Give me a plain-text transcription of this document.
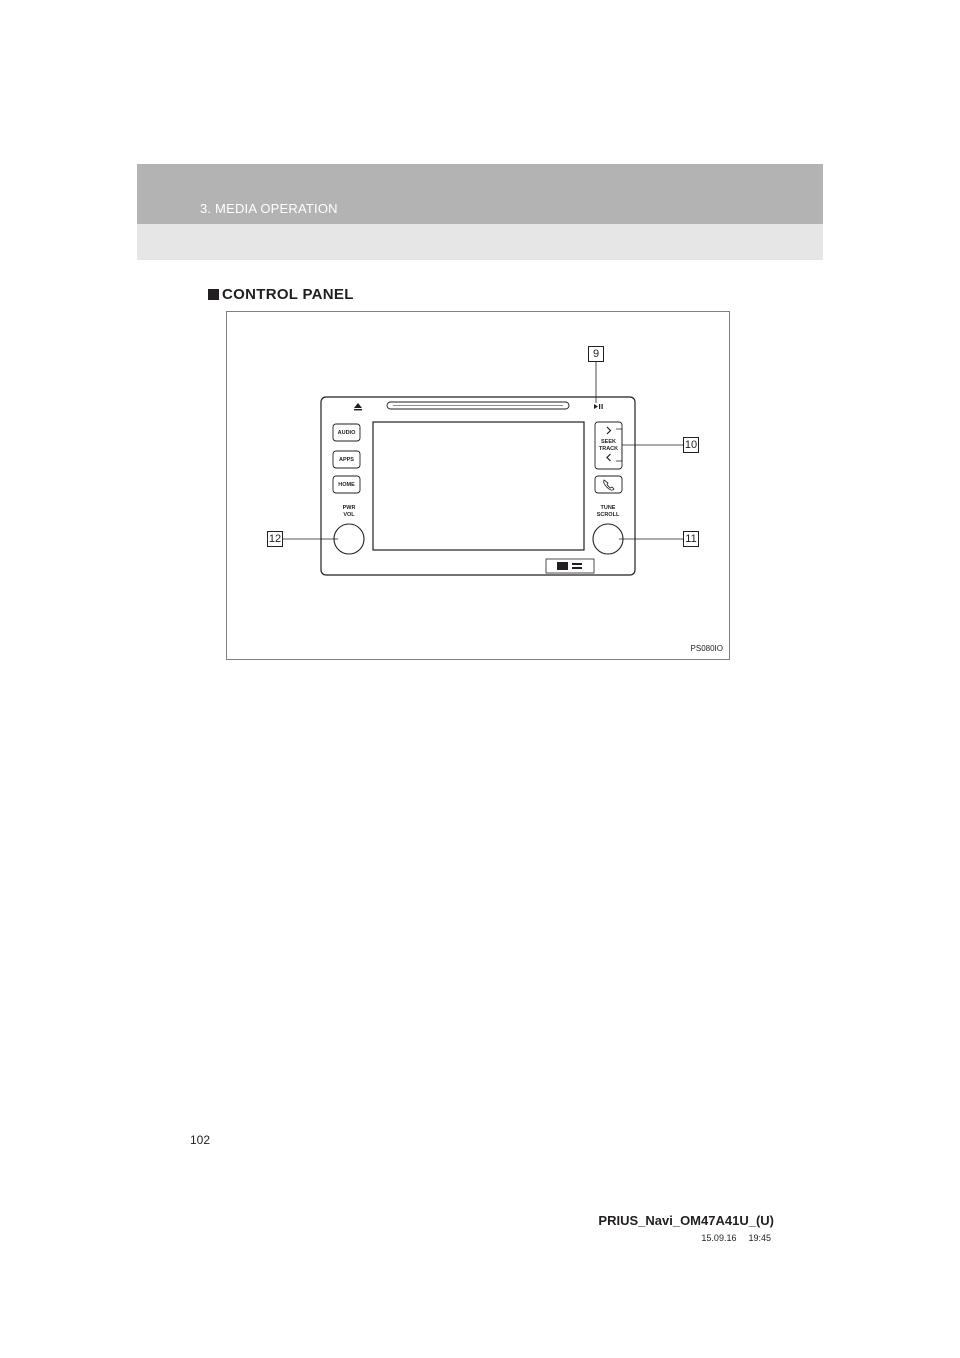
3. MEDIA OPERATION
CONTROL PANEL
AUDIO
APPS
HOME
SEEK
TRACK
PWR
VOL
TUNE
SCROLL
9
10
11
12
PS080IO
102
PRIUS_Navi_OM47A41U_(U)
15.09.16 19:45
